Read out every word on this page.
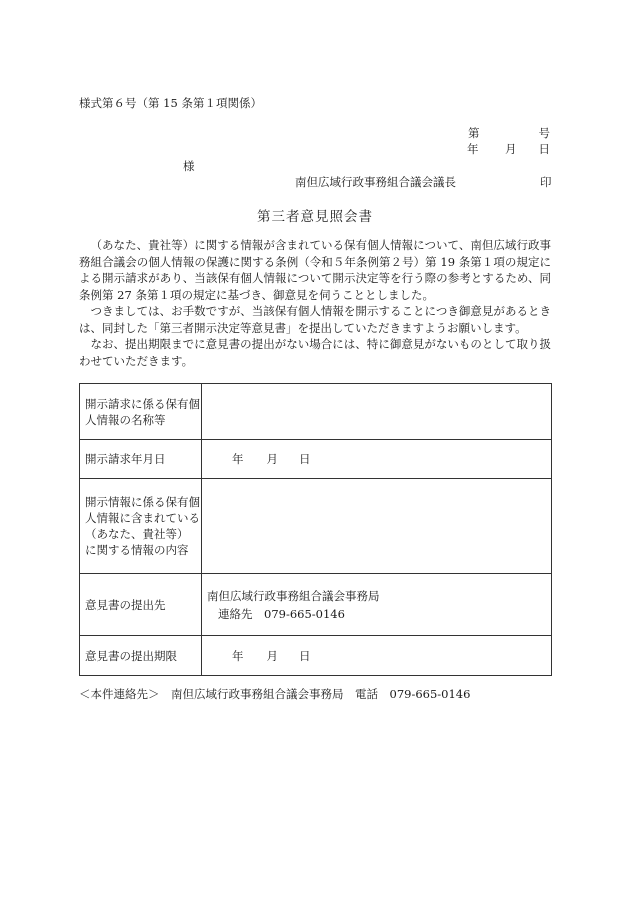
様式第６号（第 15 条第１項関係）
第	号
年 月 日
様
南但広域行政事務組合議会議長	印
第三者意見照会書

（あなた、貴社等）に関する情報が含まれている保有個人情報について、南但広域行政事務組合議会の個人情報の保護に関する条例（令和５年条例第２号）第 19 条第１項の規定による開示請求があり、当該保有個人情報について開示決定等を行う際の参考とするため、同条例第 27 条第１項の規定に基づき、御意見を伺うこととしました。

つきましては、お手数ですが、当該保有個人情報を開示することにつき御意見があるときは、同封した「第三者開示決定等意見書」を提出していただきますようお願いします。

なお、提出期限までに意見書の提出がない場合には、特に御意見がないものとして取り扱わせていただきます。

開示請求に係る保有個人情報の名称等	
開示請求年月日	年 月 日

開示情報に係る保有個人情報に含まれている（あなた、貴社等）
に関する情報の内容	

意見書の提出先	南但広域行政事務組合議会事務局
連絡先　079-665-0146

意見書の提出期限	年 月 日
＜本件連絡先＞　南但広域行政事務組合議会事務局　電話　079-665-0146
